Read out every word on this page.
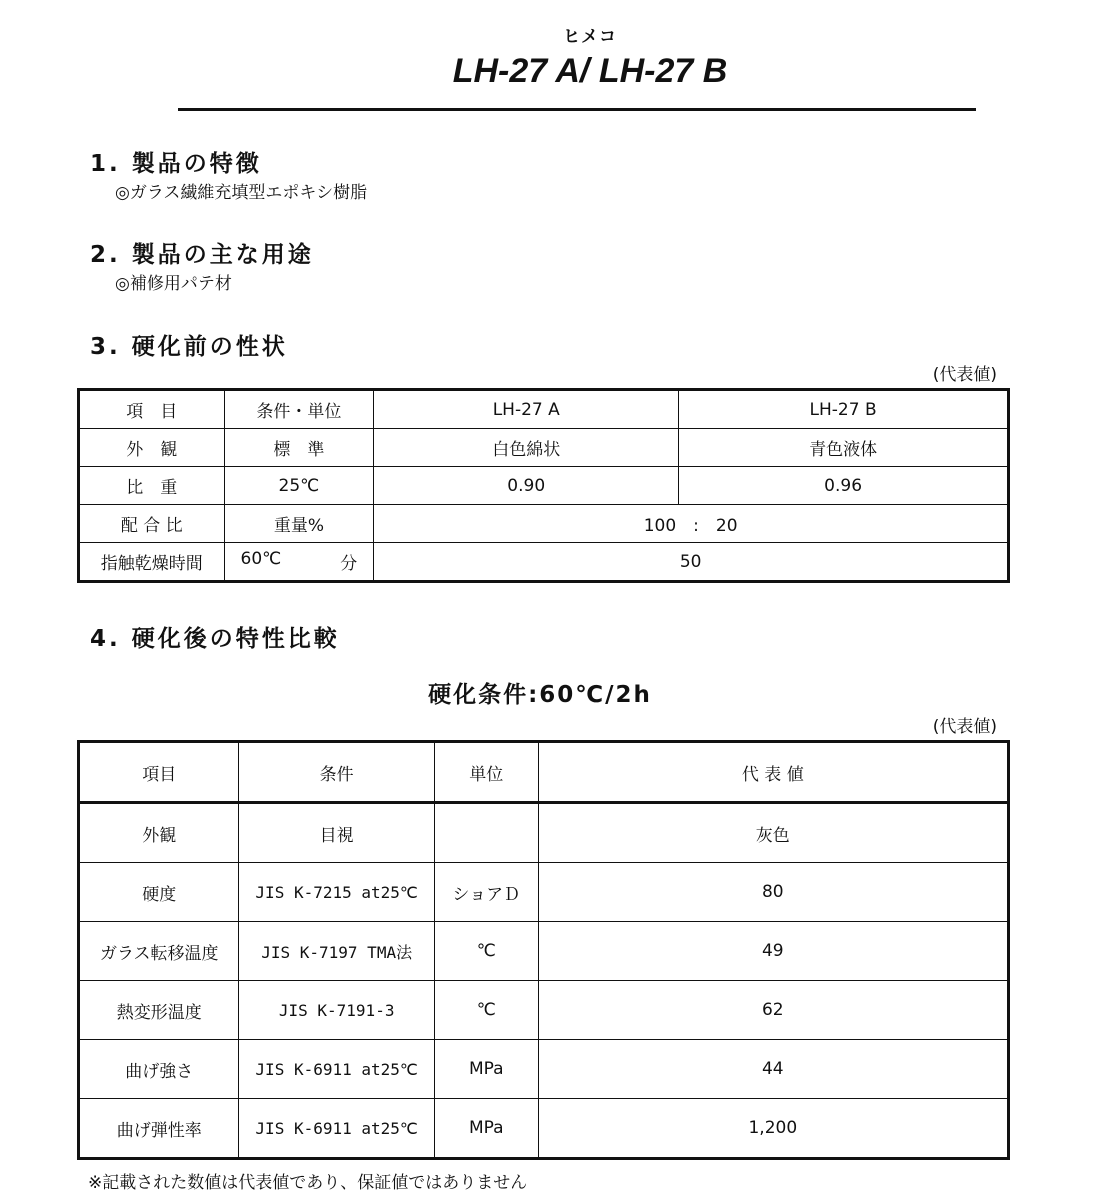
ヒメコ
LH-27 A/ LH-27 B
1. 製品の特徴
◎ガラス繊維充填型エポキシ樹脂
2. 製品の主な用途
◎補修用パテ材
3. 硬化前の性状
(代表値)
項　目	条件・単位	LH-27 A	LH-27 B
外　観	標　準	白色綿状	青色液体
比　重	25℃	0.90	0.96
配 合 比	重量%	100　:　20	
指触乾燥時間	60℃ 分	50	
4. 硬化後の特性比較
硬化条件:60℃/2h
(代表値)
項目	条件	単位	代 表 値
外観	目視		灰色
硬度	JIS K-7215 at25℃	ショアＤ	80
ガラス転移温度	JIS K-7197 TMA法	℃	49
熱変形温度	JIS K-7191-3	℃	62
曲げ強さ	JIS K-6911 at25℃	MPa	44
曲げ弾性率	JIS K-6911 at25℃	MPa	1,200
※記載された数値は代表値であり、保証値ではありません
